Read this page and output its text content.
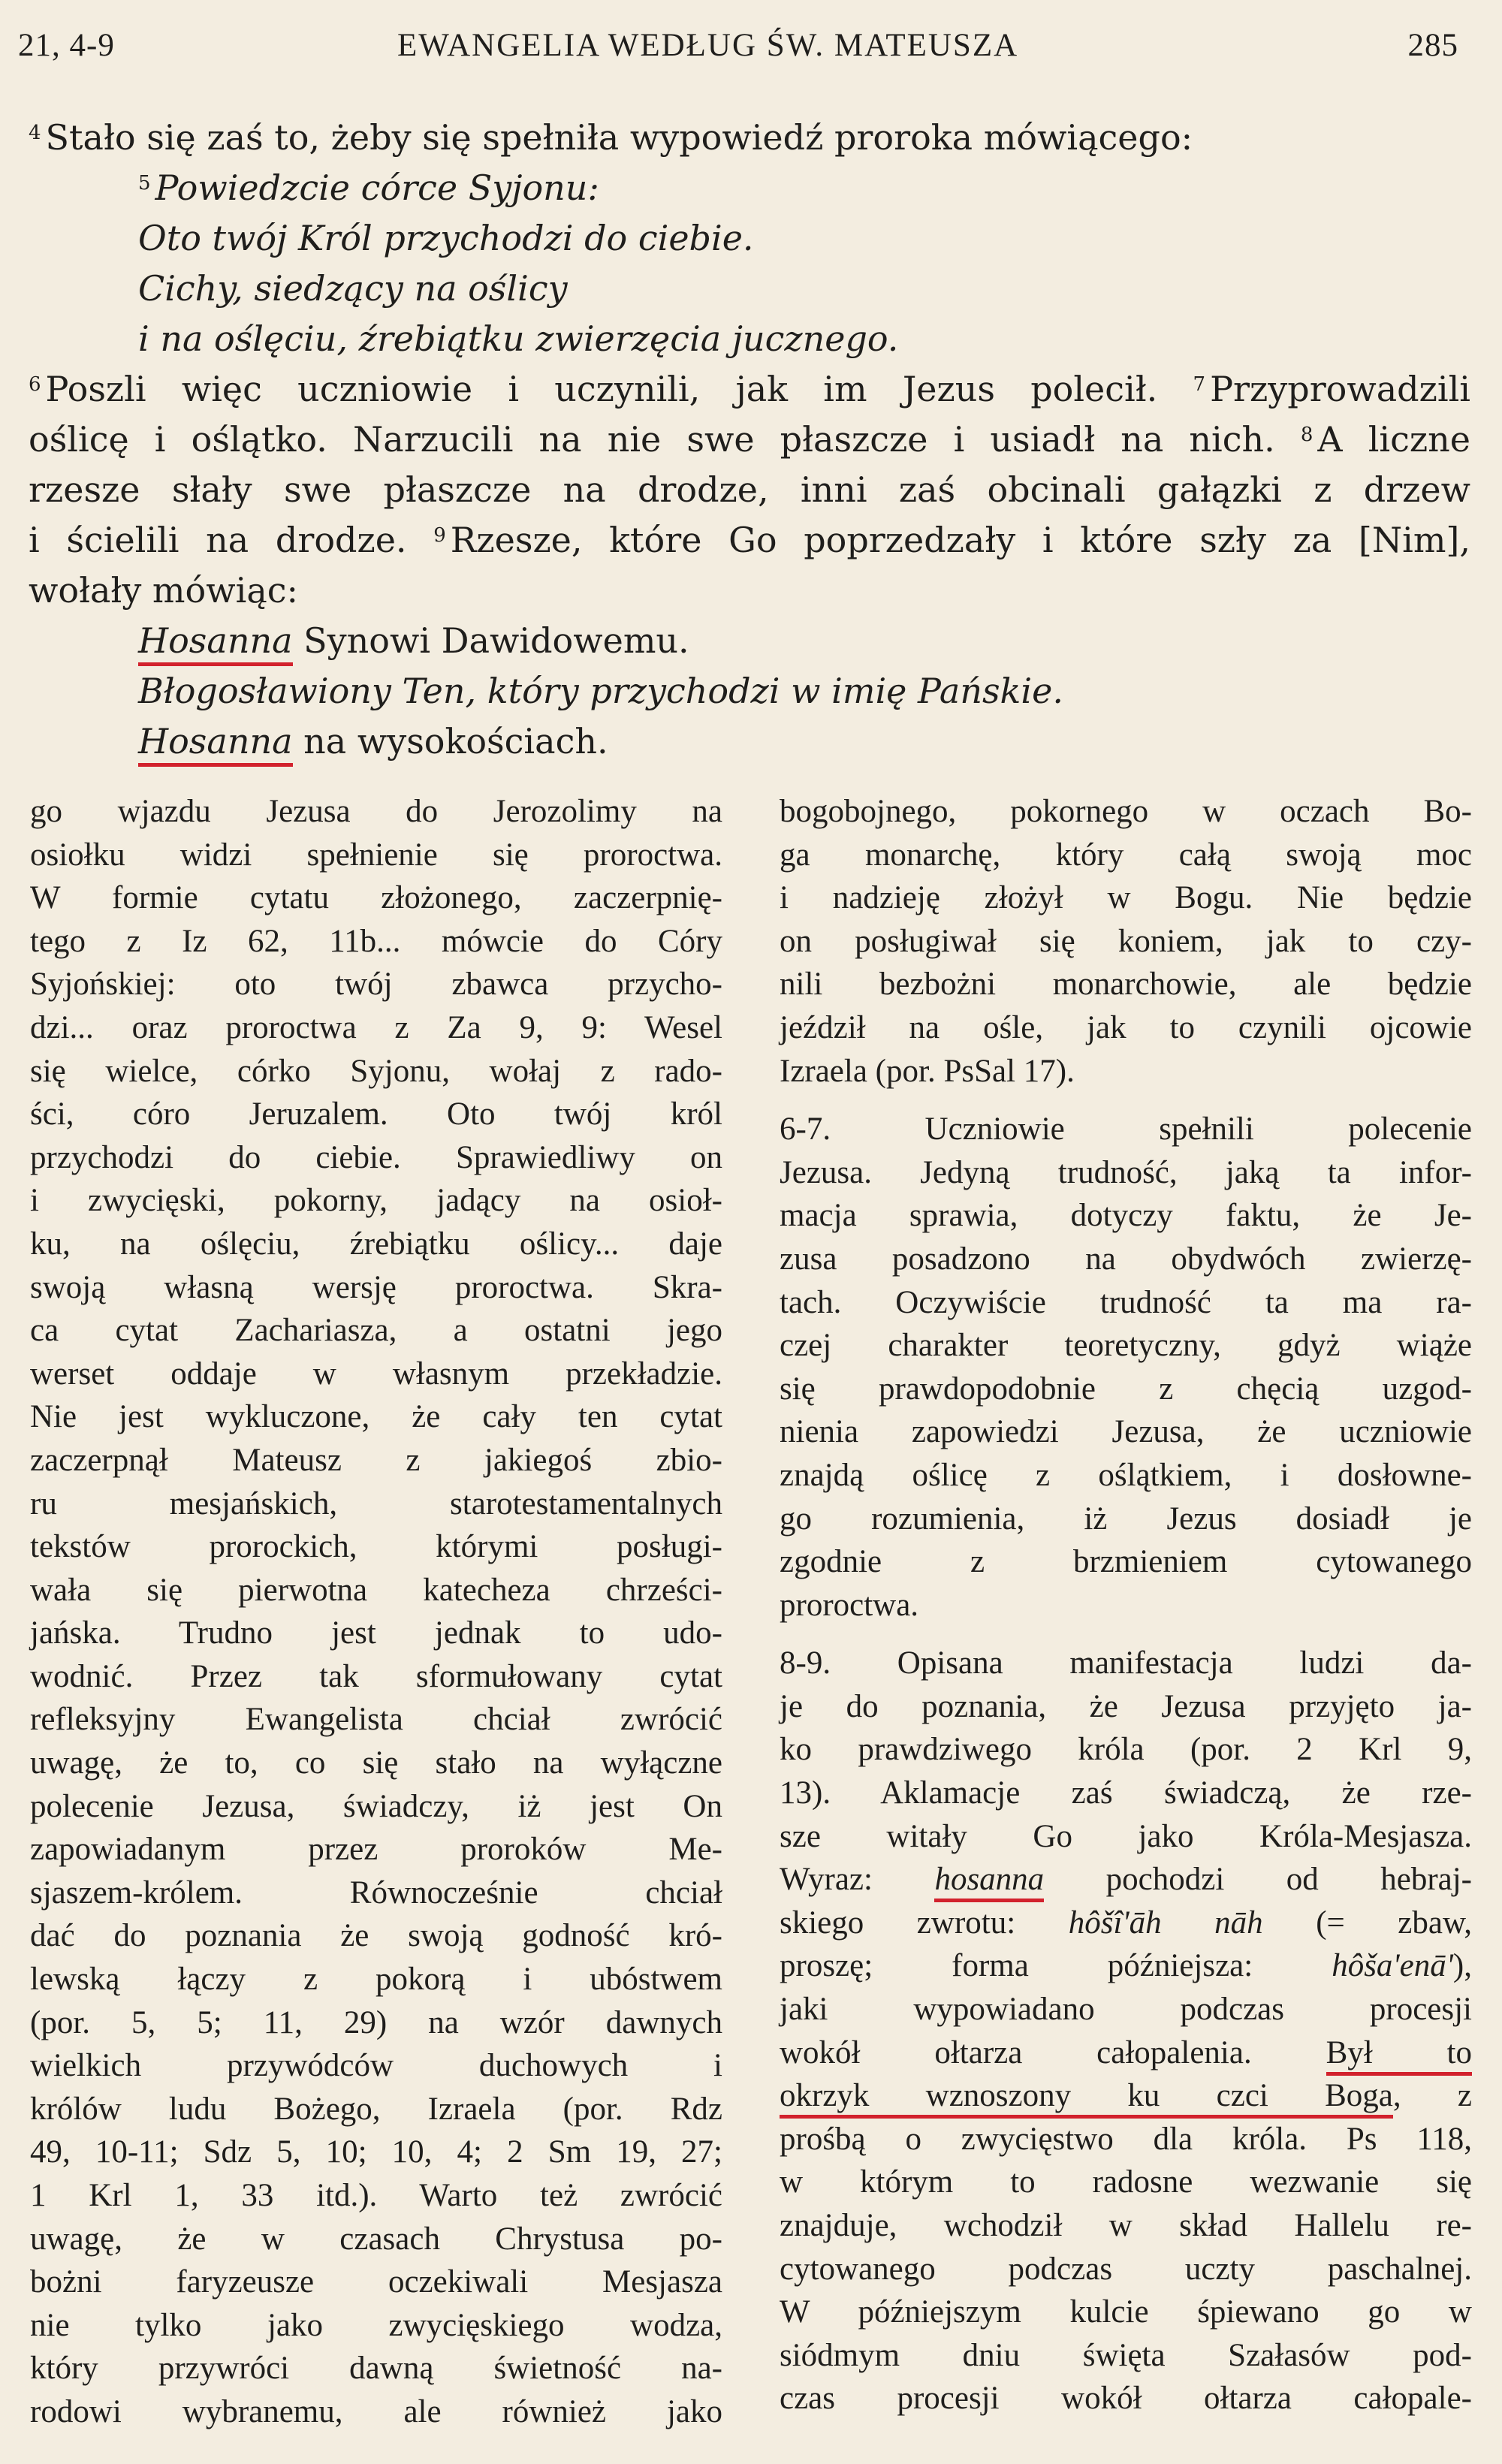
21, 4-9	EWANGELIA WEDŁUG ŚW. MATEUSZA	285
$^4$ Stało się zaś to, żeby się spełniła wypowiedź proroka mówiącego:
$^5$ Powiedzcie córce Syjonu:
Oto twój Król przychodzi do ciebie.
Cichy, siedzący na oślicy
i na oślęciu, źrebiątku zwierzęcia jucznego.
$^6$ Poszli więc uczniowie i uczynili, jak im Jezus polecił. $^7$ Przyprowadzili
oślicę i oślątko. Narzucili na nie swe płaszcze i usiadł na nich. $^8$ A liczne
rzesze słały swe płaszcze na drodze, inni zaś obcinali gałązki z drzew
i ścielili na drodze. $^9$ Rzesze, które Go poprzedzały i które szły za [Nim],
wołały mówiąc:
Hosanna Synowi Dawidowemu.
Błogosławiony Ten, który przychodzi w imię Pańskie.
Hosanna na wysokościach.
go wjazdu Jezusa do Jerozolimy na
osiołku widzi spełnienie się proroctwa.
W formie cytatu złożonego, zaczerpnię-
tego z Iz 62, 11b... mówcie do Córy
Syjońskiej: oto twój zbawca przycho-
dzi... oraz proroctwa z Za 9, 9: Wesel
się wielce, córko Syjonu, wołaj z rado-
ści, córo Jeruzalem. Oto twój król
przychodzi do ciebie. Sprawiedliwy on
i zwycięski, pokorny, jadący na osioł-
ku, na oślęciu, źrebiątku oślicy... daje
swoją własną wersję proroctwa. Skra-
ca cytat Zachariasza, a ostatni jego
werset oddaje w własnym przekładzie.
Nie jest wykluczone, że cały ten cytat
zaczerpnął Mateusz z jakiegoś zbio-
ru mesjańskich, starotestamentalnych
tekstów prorockich, którymi posługi-
wała się pierwotna katecheza chrześci-
jańska. Trudno jest jednak to udo-
wodnić. Przez tak sformułowany cytat
refleksyjny Ewangelista chciał zwrócić
uwagę, że to, co się stało na wyłączne
polecenie Jezusa, świadczy, iż jest On
zapowiadanym przez proroków Me-
sjaszem-królem. Równocześnie chciał
dać do poznania że swoją godność kró-
lewską łączy z pokorą i ubóstwem
(por. 5, 5; 11, 29) na wzór dawnych
wielkich przywódców duchowych i
królów ludu Bożego, Izraela (por. Rdz
49, 10-11; Sdz 5, 10; 10, 4; 2 Sm 19, 27;
1 Krl 1, 33 itd.). Warto też zwrócić
uwagę, że w czasach Chrystusa po-
bożni faryzeusze oczekiwali Mesjasza
nie tylko jako zwycięskiego wodza,
który przywróci dawną świetność na-
rodowi wybranemu, ale również jako
bogobojnego, pokornego w oczach Bo-
ga monarchę, który całą swoją moc
i nadzieję złożył w Bogu. Nie będzie
on posługiwał się koniem, jak to czy-
nili bezbożni monarchowie, ale będzie
jeździł na ośle, jak to czynili ojcowie
Izraela (por. PsSal 17).
6-7. Uczniowie spełnili polecenie
Jezusa. Jedyną trudność, jaką ta infor-
macja sprawia, dotyczy faktu, że Je-
zusa posadzono na obydwóch zwierzę-
tach. Oczywiście trudność ta ma ra-
czej charakter teoretyczny, gdyż wiąże
się prawdopodobnie z chęcią uzgod-
nienia zapowiedzi Jezusa, że uczniowie
znajdą oślicę z oślątkiem, i dosłowne-
go rozumienia, iż Jezus dosiadł je
zgodnie z brzmieniem cytowanego
proroctwa.
8-9. Opisana manifestacja ludzi da-
je do poznania, że Jezusa przyjęto ja-
ko prawdziwego króla (por. 2 Krl 9,
13). Aklamacje zaś świadczą, że rze-
sze witały Go jako Króla-Mesjasza.
Wyraz: hosanna pochodzi od hebraj-
skiego zwrotu: hôšî'āh nāh (= zbaw,
proszę; forma późniejsza: hôša'enā'),
jaki wypowiadano podczas procesji
wokół ołtarza całopalenia. Był to
okrzyk wznoszony ku czci Boga, z
prośbą o zwycięstwo dla króla. Ps 118,
w którym to radosne wezwanie się
znajduje, wchodził w skład Hallelu re-
cytowanego podczas uczty paschalnej.
W późniejszym kulcie śpiewano go w
siódmym dniu święta Szałasów pod-
czas procesji wokół ołtarza całopale-
